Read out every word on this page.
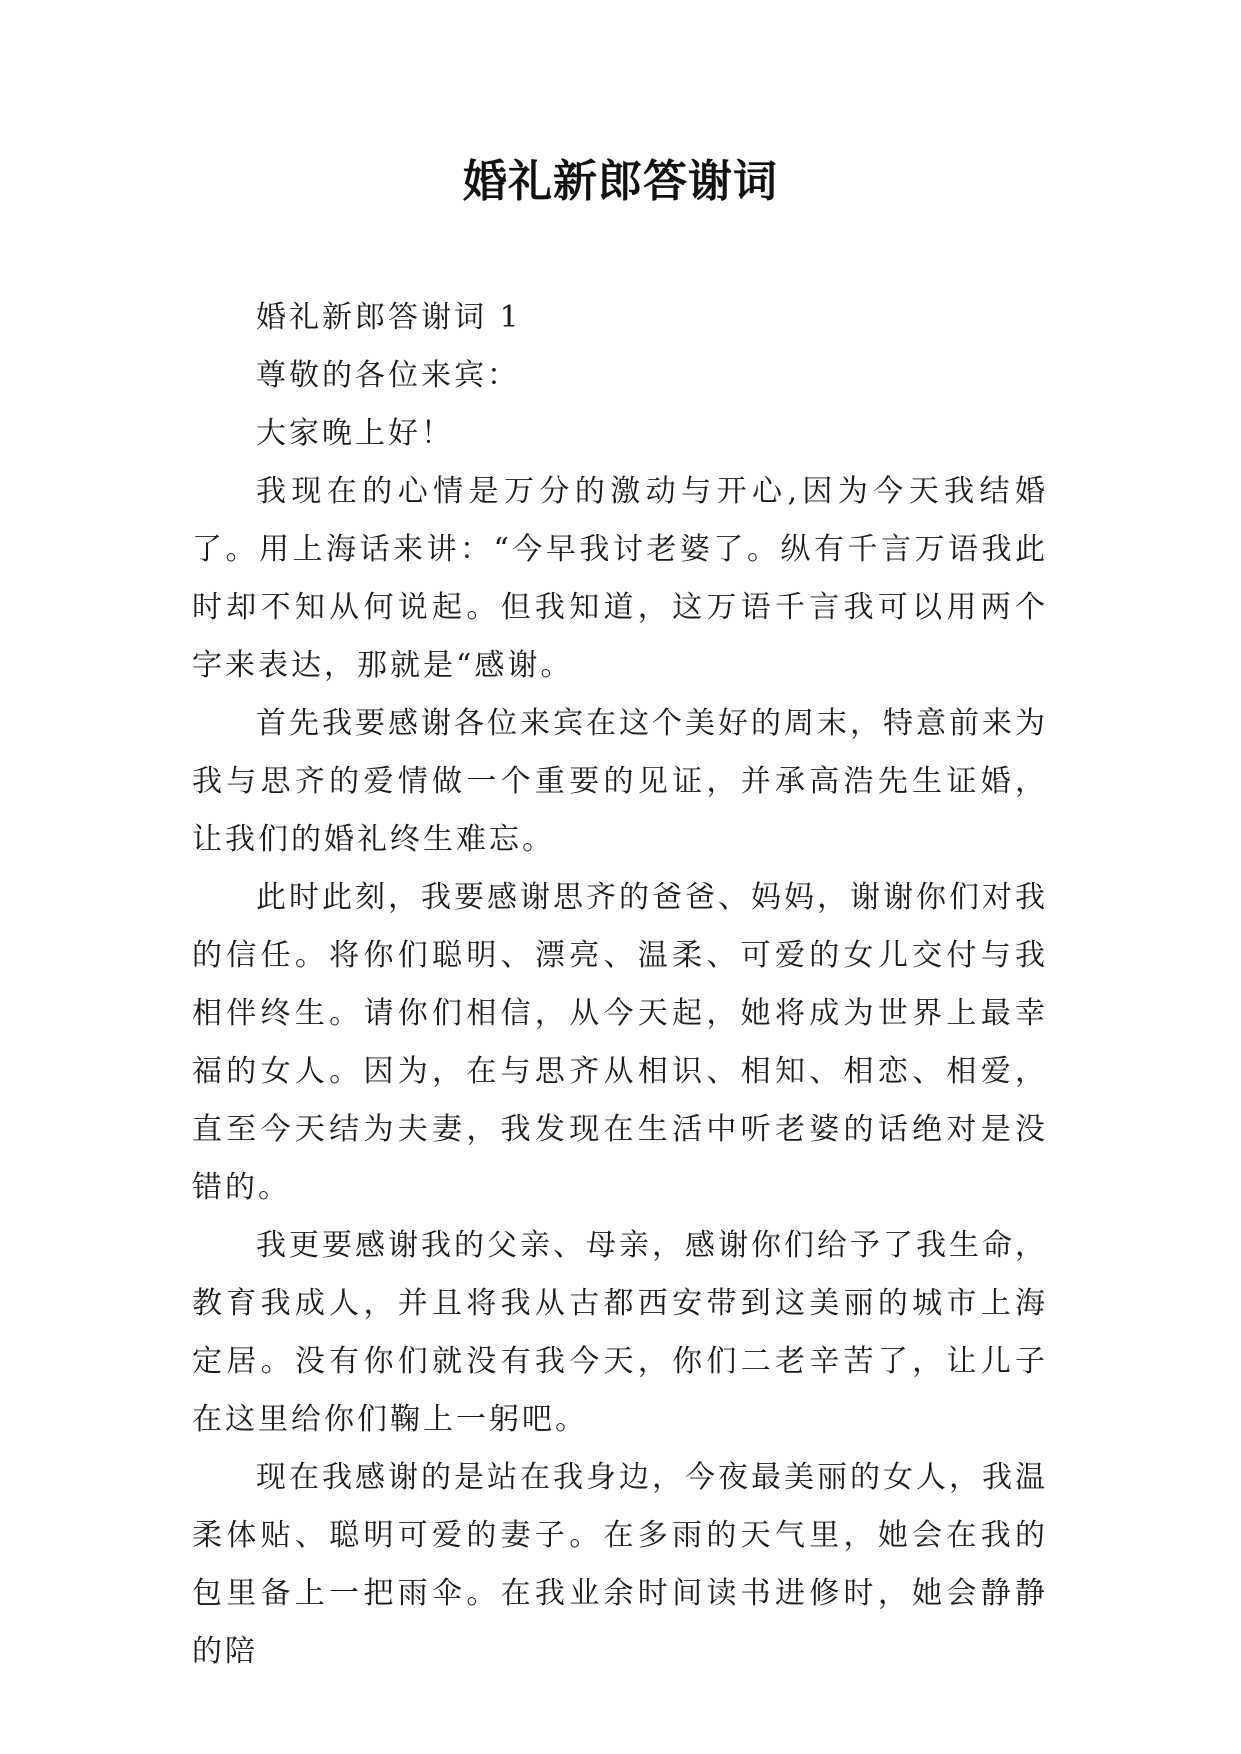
婚礼新郎答谢词

婚礼新郎答谢词 1

尊敬的各位来宾：

大家晚上好！

我现在的心情是万分的激动与开心,因为今天我结婚了。用上海话来讲：“今早我讨老婆了。纵有千言万语我此时却不知从何说起。但我知道，这万语千言我可以用两个字来表达，那就是“感谢。

首先我要感谢各位来宾在这个美好的周末，特意前来为我与思齐的爱情做一个重要的见证，并承高浩先生证婚，让我们的婚礼终生难忘。

此时此刻，我要感谢思齐的爸爸、妈妈，谢谢你们对我的信任。将你们聪明、漂亮、温柔、可爱的女儿交付与我相伴终生。请你们相信，从今天起，她将成为世界上最幸福的女人。因为，在与思齐从相识、相知、相恋、相爱，直至今天结为夫妻，我发现在生活中听老婆的话绝对是没错的。

我更要感谢我的父亲、母亲，感谢你们给予了我生命，教育我成人，并且将我从古都西安带到这美丽的城市上海定居。没有你们就没有我今天，你们二老辛苦了，让儿子在这里给你们鞠上一躬吧。

现在我感谢的是站在我身边，今夜最美丽的女人，我温柔体贴、聪明可爱的妻子。在多雨的天气里，她会在我的包里备上一把雨伞。在我业余时间读书进修时，她会静静的陪
